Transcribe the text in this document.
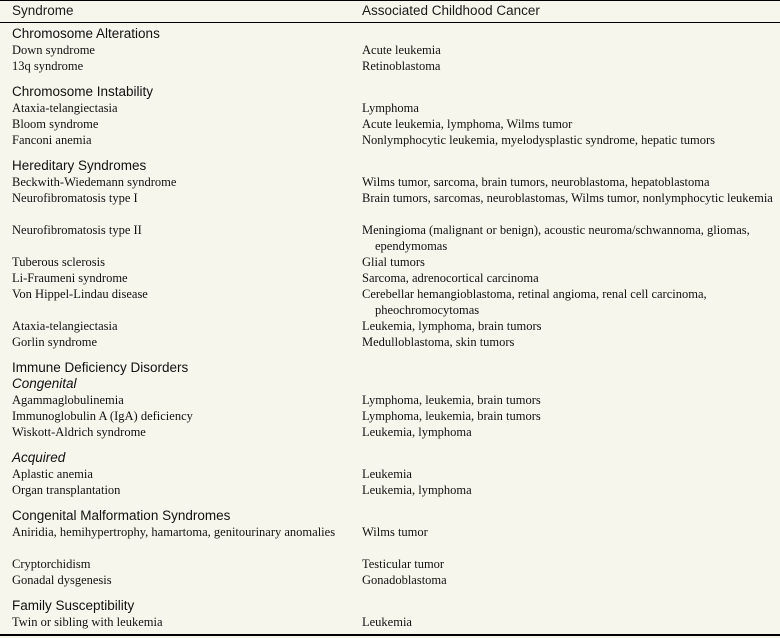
Syndrome	Associated Childhood Cancer
Chromosome Alterations
Down syndrome	Acute leukemia
13q syndrome	Retinoblastoma
Chromosome Instability
Ataxia-telangiectasia	Lymphoma
Bloom syndrome	Acute leukemia, lymphoma, Wilms tumor
Fanconi anemia	Nonlymphocytic leukemia, myelodysplastic syndrome, hepatic tumors
Hereditary Syndromes
Beckwith-Wiedemann syndrome	Wilms tumor, sarcoma, brain tumors, neuroblastoma, hepatoblastoma
Neurofibromatosis type I	Brain tumors, sarcomas, neuroblastomas, Wilms tumor, nonlymphocytic leukemia
Neurofibromatosis type II	Meningioma (malignant or benign), acoustic neuroma/schwannoma, gliomas, ependymomas
Tuberous sclerosis	Glial tumors
Li-Fraumeni syndrome	Sarcoma, adrenocortical carcinoma
Von Hippel-Lindau disease	Cerebellar hemangioblastoma, retinal angioma, renal cell carcinoma, pheochromocytomas
Ataxia-telangiectasia	Leukemia, lymphoma, brain tumors
Gorlin syndrome	Medulloblastoma, skin tumors
Immune Deficiency Disorders
Congenital
Agammaglobulinemia	Lymphoma, leukemia, brain tumors
Immunoglobulin A (IgA) deficiency	Lymphoma, leukemia, brain tumors
Wiskott-Aldrich syndrome	Leukemia, lymphoma
Acquired
Aplastic anemia	Leukemia
Organ transplantation	Leukemia, lymphoma
Congenital Malformation Syndromes
Aniridia, hemihypertrophy, hamartoma, genitourinary anomalies	Wilms tumor
Cryptorchidism	Testicular tumor
Gonadal dysgenesis	Gonadoblastoma
Family Susceptibility
Twin or sibling with leukemia	Leukemia
